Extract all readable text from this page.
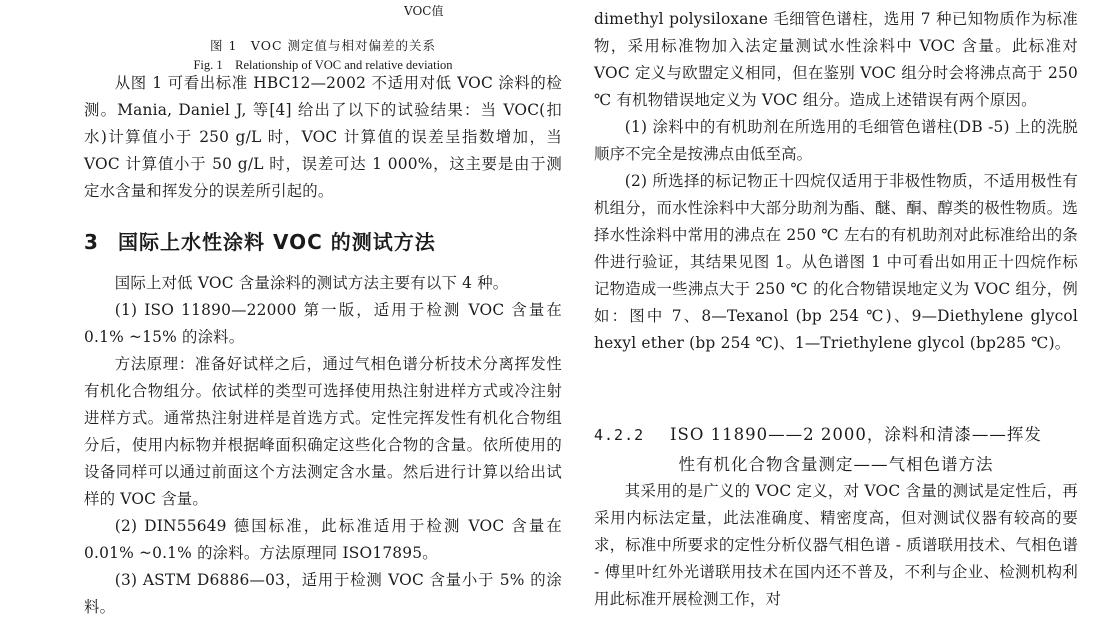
VOC值
图 1　VOC 测定值与相对偏差的关系
Fig. 1　Relationship of VOC and relative deviation

从图 1 可看出标准 HBC12—2002 不适用对低 VOC 涂料的检测。Mania, Daniel J, 等[4] 给出了以下的试验结果：当 VOC(扣水)计算值小于 250 g/L 时，VOC 计算值的误差呈指数增加，当 VOC 计算值小于 50 g/L 时，误差可达 1 000%，这主要是由于测定水含量和挥发分的误差所引起的。

3 国际上水性涂料 VOC 的测试方法

国际上对低 VOC 含量涂料的测试方法主要有以下 4 种。

(1) ISO 11890—22000 第一版，适用于检测 VOC 含量在 0.1% ~15% 的涂料。

方法原理：准备好试样之后，通过气相色谱分析技术分离挥发性有机化合物组分。依试样的类型可选择使用热注射进样方式或冷注射进样方式。通常热注射进样是首选方式。定性完挥发性有机化合物组分后，使用内标物并根据峰面积确定这些化合物的含量。依所使用的设备同样可以通过前面这个方法测定含水量。然后进行计算以给出试样的 VOC 含量。

(2) DIN55649 德国标准，此标准适用于检测 VOC 含量在 0.01% ~0.1% 的涂料。方法原理同 ISO17895。

(3) ASTM D6886—03，适用于检测 VOC 含量小于 5% 的涂料。

dimethyl polysiloxane 毛细管色谱柱，选用 7 种已知物质作为标准物，采用标准物加入法定量测试水性涂料中 VOC 含量。此标准对 VOC 定义与欧盟定义相同，但在鉴别 VOC 组分时会将沸点高于 250 ℃ 有机物错误地定义为 VOC 组分。造成上述错误有两个原因。

(1) 涂料中的有机助剂在所选用的毛细管色谱柱(DB -5) 上的洗脱顺序不完全是按沸点由低至高。

(2) 所选择的标记物正十四烷仅适用于非极性物质，不适用极性有机组分，而水性涂料中大部分助剂为酯、醚、酮、醇类的极性物质。选择水性涂料中常用的沸点在 250 ℃ 左右的有机助剂对此标准给出的条件进行验证，其结果见图 1。从色谱图 1 中可看出如用正十四烷作标记物造成一些沸点大于 250 ℃ 的化合物错误地定义为 VOC 组分，例如：图中 7、8—Texanol (bp 254 ℃)、9—Diethylene glycol hexyl ether (bp 254 ℃)、1—Triethylene glycol (bp285 ℃)。

4.2.2 ISO 11890——2 2000，涂料和清漆——挥发

性有机化合物含量测定——气相色谱方法

其采用的是广义的 VOC 定义，对 VOC 含量的测试是定性后，再采用内标法定量，此法准确度、精密度高，但对测试仪器有较高的要求，标准中所要求的定性分析仪器气相色谱 - 质谱联用技术、气相色谱 - 傅里叶红外光谱联用技术在国内还不普及，不利与企业、检测机构利用此标准开展检测工作，对
